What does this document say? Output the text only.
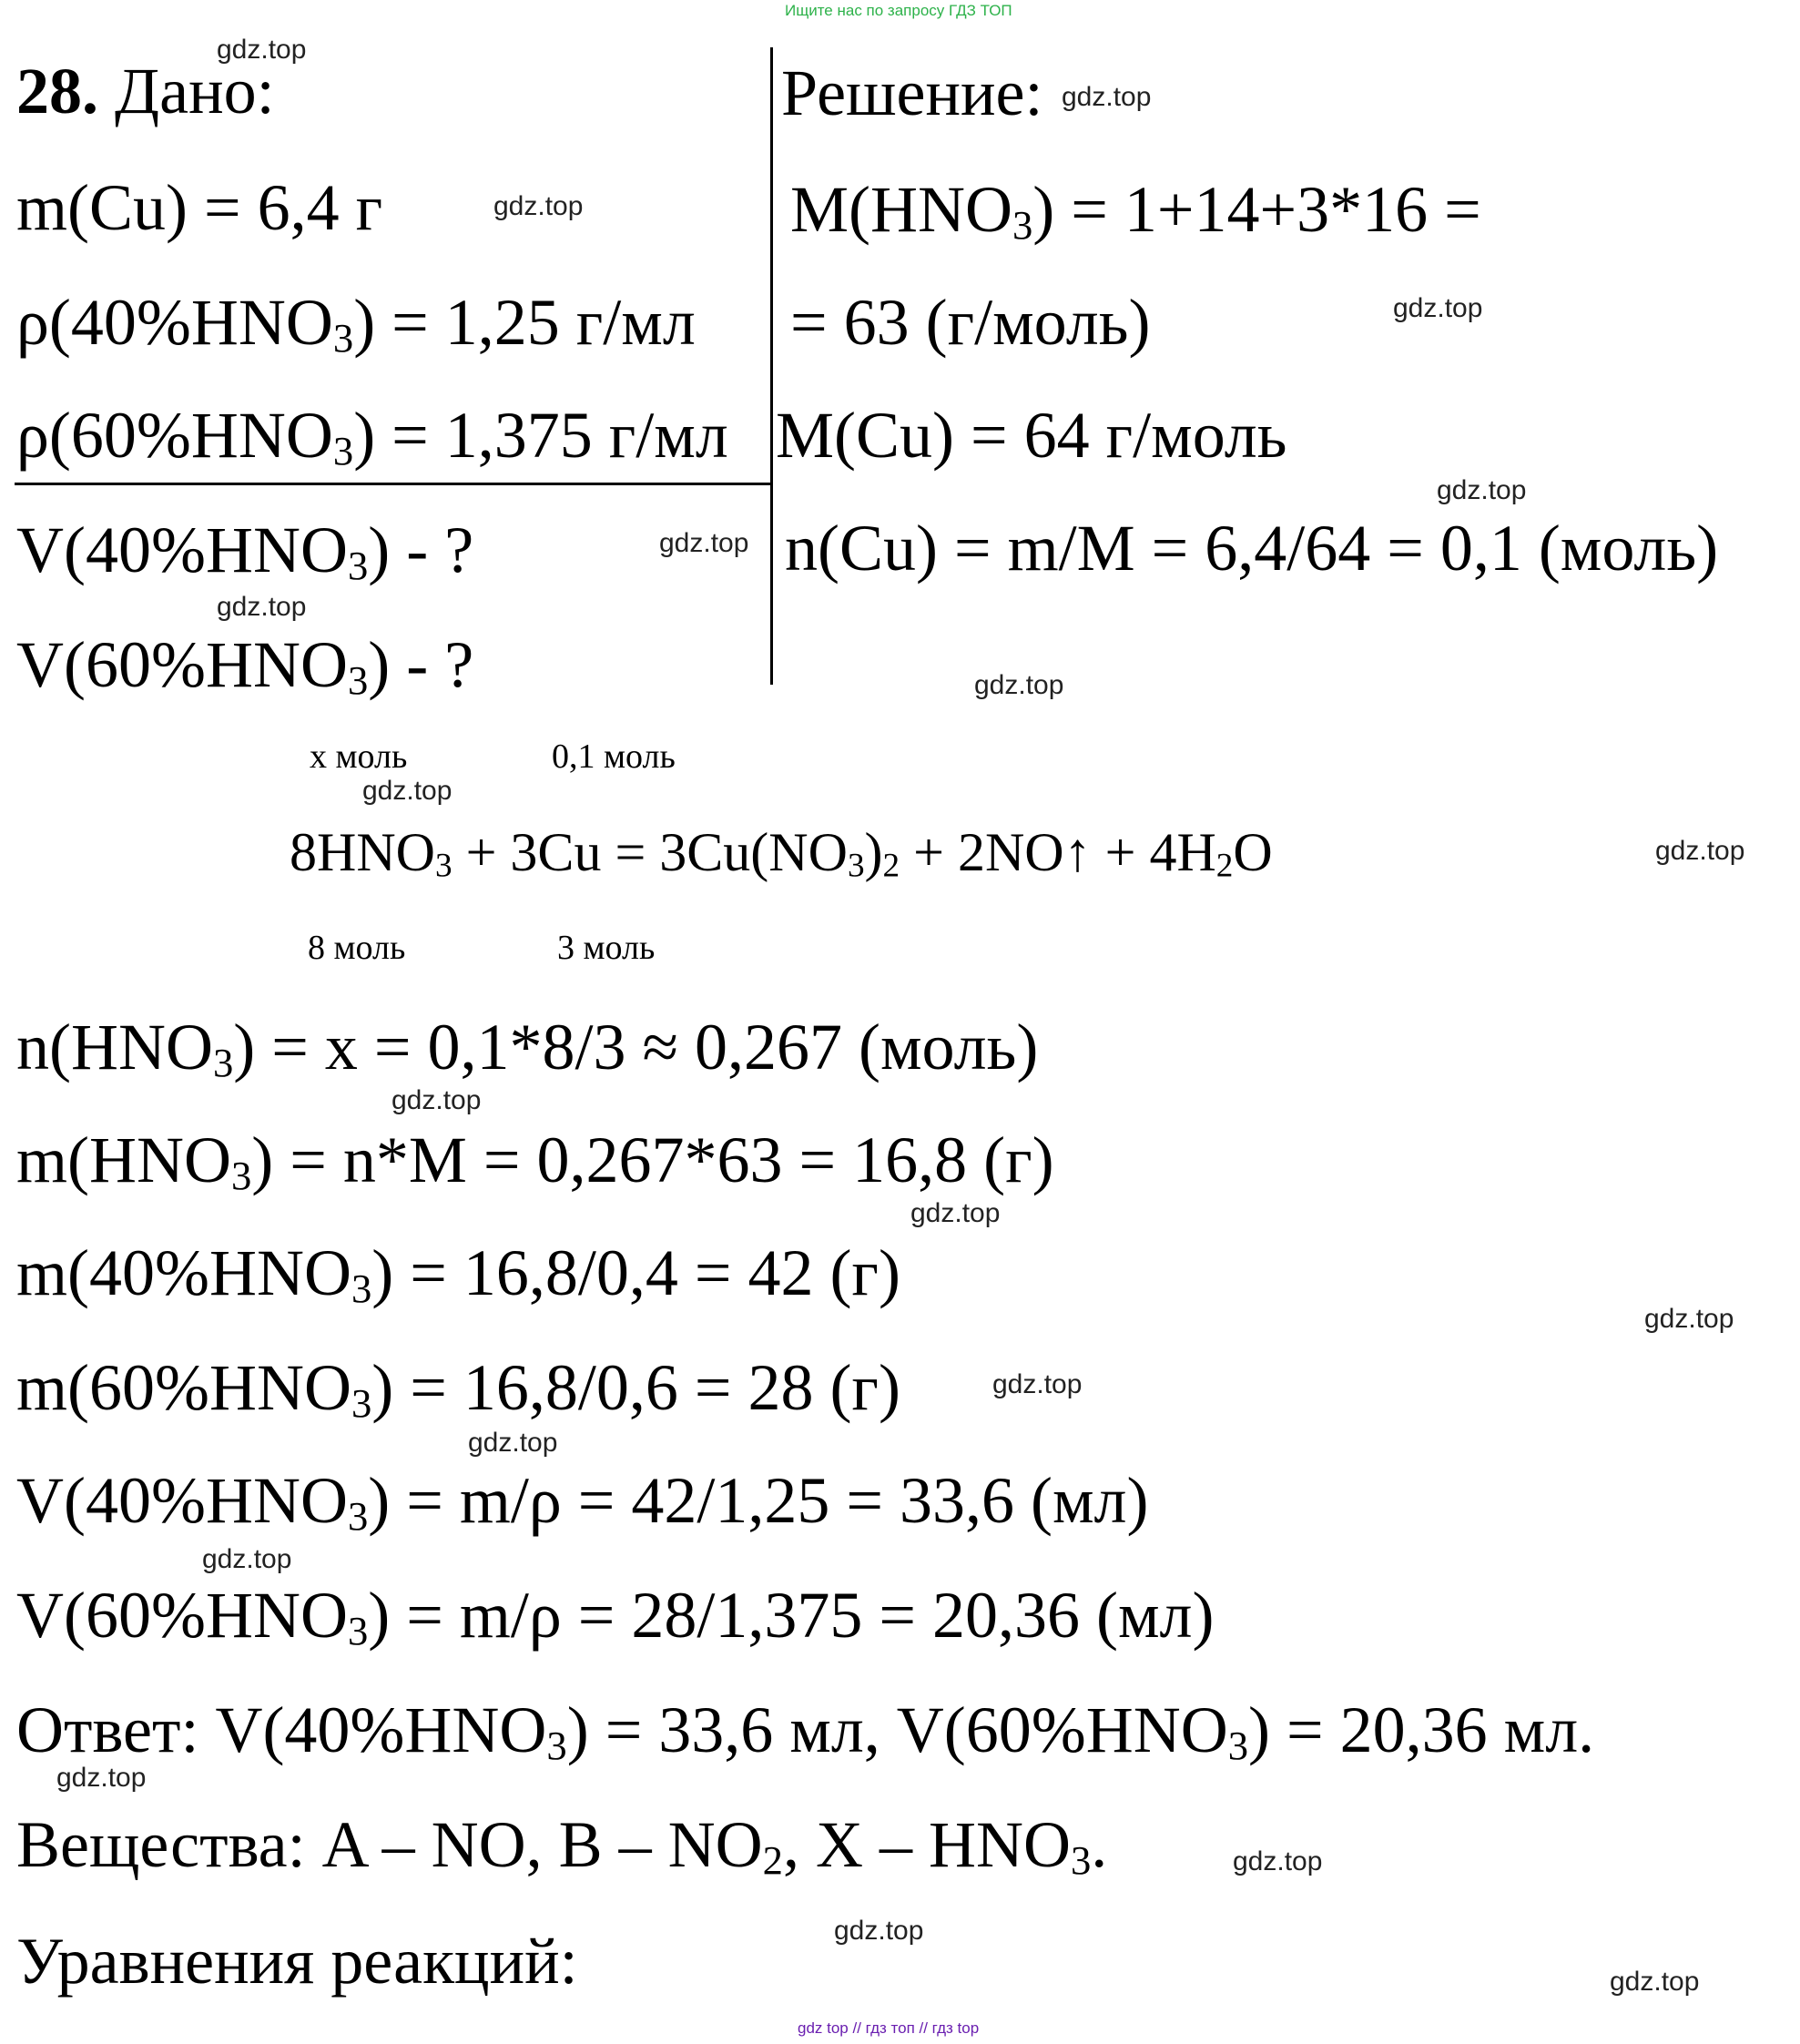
Ищите нас по запросу ГДЗ ТОП
gdz top // гдз топ // гдз top
28. Дано:
m(Cu) = 6,4 г
$\rho(40\%HNO_3) = 1,25$ г/мл
$\rho(60\%HNO_3) = 1,375$ г/мл
$V(40\%HNO_3)$ - ?
$V(60\%HNO_3)$ - ?
Решение:
$M(HNO_3) = 1+14+3*16$ =
= 63 (г/моль)
M(Cu) = 64 г/моль
n(Cu) = m/M = 6,4/64 = 0,1 (моль)
x моль	0,1 моль
$8HNO_3 + 3Cu = 3Cu(NO_3)_2$ + 2NO↑ + $4H_2O$
8 моль	3 моль
$n(HNO_3) = x = 0,1*8/3 \approx 0,267$ (моль)
$m(HNO_3) = n*M = 0,267*63 = 16,8$ (г)
$m(40\%HNO_3) = 16,8/0,4 = 42$ (г)
$m(60\%HNO_3) = 16,8/0,6 = 28$ (г)
$V(40\%HNO_3) = m/\rho = 42/1,25 = 33,6$ (мл)
$V(60\%HNO_3) = m/\rho = 28/1,375 = 20,36$ (мл)
Ответ: $V(40\%HNO_3) = 33,6$ мл, $V(60\%HNO_3) = 20,36$ мл.
Вещества: A – NO, B – $NO_2$, X – $HNO_3$.
Уравнения реакций:
gdz.top
gdz.top
gdz.top
gdz.top
gdz.top
gdz.top
gdz.top
gdz.top
gdz.top
gdz.top
gdz.top
gdz.top
gdz.top
gdz.top
gdz.top
gdz.top
gdz.top
gdz.top
gdz.top
gdz.top
